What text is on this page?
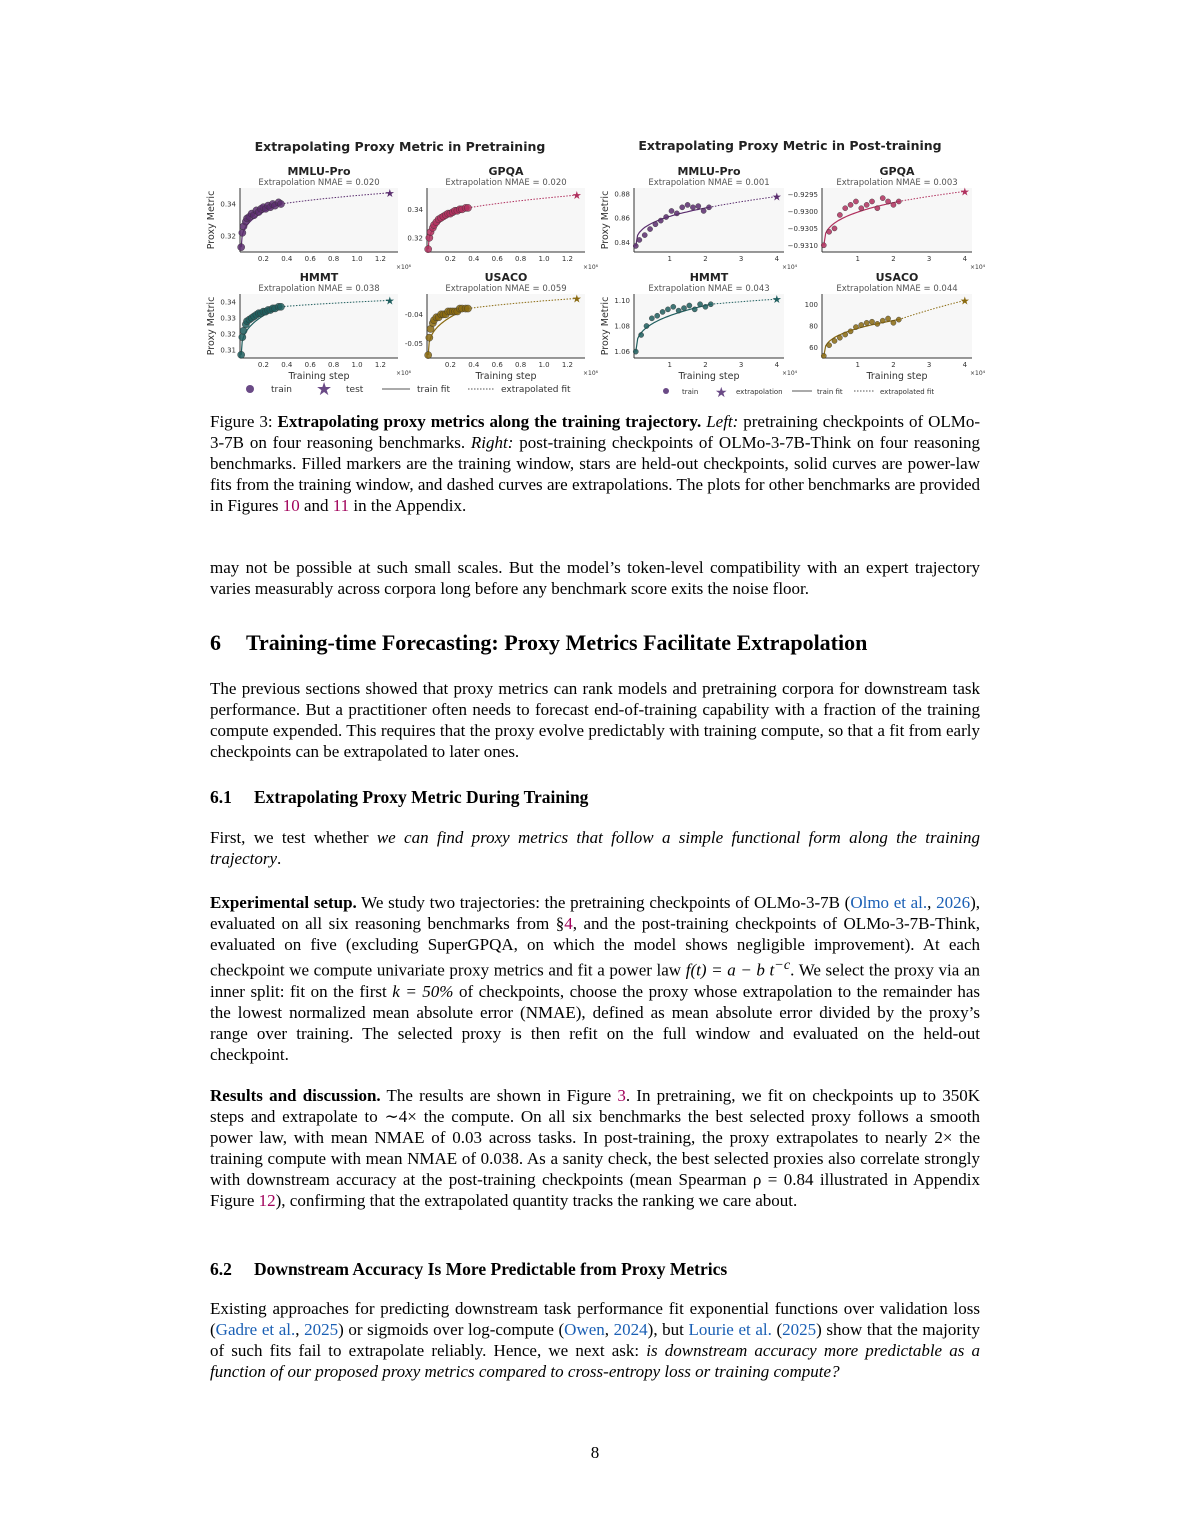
Extrapolating Proxy Metric in Pretraining	Extrapolating Proxy Metric in Post-training
MMLU-Pro
Extrapolation NMAE = 0.020
0.2 0.4 0.6 0.8 1.0 1.2
×10⁶
0.32
0.34
Proxy Metric	★
GPQA
Extrapolation NMAE = 0.020
0.2 0.4 0.6 0.8 1.0 1.2
×10⁶
0.32
0.34
★
HMMT
Extrapolation NMAE = 0.038
0.2 0.4 0.6 0.8 1.0 1.2
×10⁶
0.31
0.32
0.33
0.34
Proxy Metric
Training step
★
USACO
Extrapolation NMAE = 0.059
0.2 0.4 0.6 0.8 1.0 1.2
×10⁶
-0.05
-0.04
Training step
★
MMLU-Pro
Extrapolation NMAE = 0.001
1	2	3	4
×10⁴
0.84
0.86
0.88
Proxy Metric	★
GPQA
Extrapolation NMAE = 0.003
1	2	3	4
×10⁴
−0.9295
−0.9300
−0.9305
−0.9310
★
HMMT
Extrapolation NMAE = 0.043
1	2	3	4
×10⁴
1.06
1.08
1.10
Proxy Metric
Training step
★
USACO
Extrapolation NMAE = 0.044
1	2	3	4
×10⁴
60
80
100
Training step
★
train ★ test	train fit	extrapolated fit	train ★ extrapolation	train fit	extrapolated fit
Figure 3: Extrapolating proxy metrics along the training trajectory. Left: pretraining checkpoints of OLMo-3-7B on four reasoning benchmarks. Right: post-training checkpoints of OLMo-3-7B-Think on four reasoning benchmarks. Filled markers are the training window, stars are held-out checkpoints, solid curves are power-law fits from the training window, and dashed curves are extrapolations. The plots for other benchmarks are provided in Figures 10 and 11 in the Appendix.
may not be possible at such small scales. But the model’s token-level compatibility with an expert trajectory varies measurably across corpora long before any benchmark score exits the noise floor.
6 Training-time Forecasting: Proxy Metrics Facilitate Extrapolation
The previous sections showed that proxy metrics can rank models and pretraining corpora for downstream task performance. But a practitioner often needs to forecast end-of-training capability with a fraction of the training compute expended. This requires that the proxy evolve predictably with training compute, so that a fit from early checkpoints can be extrapolated to later ones.
6.1 Extrapolating Proxy Metric During Training
First, we test whether we can find proxy metrics that follow a simple functional form along the training trajectory.
Experimental setup. We study two trajectories: the pretraining checkpoints of OLMo-3-7B (Olmo et al., 2026), evaluated on all six reasoning benchmarks from §4, and the post-training checkpoints of OLMo-3-7B-Think, evaluated on five (excluding SuperGPQA, on which the model shows negligible improvement). At each checkpoint we compute univariate proxy metrics and fit a power law f(t) = a − b $t^{-c}$. We select the proxy via an inner split: fit on the first k = 50% of checkpoints, choose the proxy whose extrapolation to the remainder has the lowest normalized mean absolute error (NMAE), defined as mean absolute error divided by the proxy’s range over training. The selected proxy is then refit on the full window and evaluated on the held-out checkpoint.
Results and discussion. The results are shown in Figure 3. In pretraining, we fit on checkpoints up to 350K steps and extrapolate to ∼4× the compute. On all six benchmarks the best selected proxy follows a smooth power law, with mean NMAE of 0.03 across tasks. In post-training, the proxy extrapolates to nearly 2× the training compute with mean NMAE of 0.038. As a sanity check, the best selected proxies also correlate strongly with downstream accuracy at the post-training checkpoints (mean Spearman ρ = 0.84 illustrated in Appendix Figure 12), confirming that the extrapolated quantity tracks the ranking we care about.
6.2 Downstream Accuracy Is More Predictable from Proxy Metrics
Existing approaches for predicting downstream task performance fit exponential functions over validation loss (Gadre et al., 2025) or sigmoids over log-compute (Owen, 2024), but Lourie et al. (2025) show that the majority of such fits fail to extrapolate reliably. Hence, we next ask: is downstream accuracy more predictable as a function of our proposed proxy metrics compared to cross-entropy loss or training compute?
8
